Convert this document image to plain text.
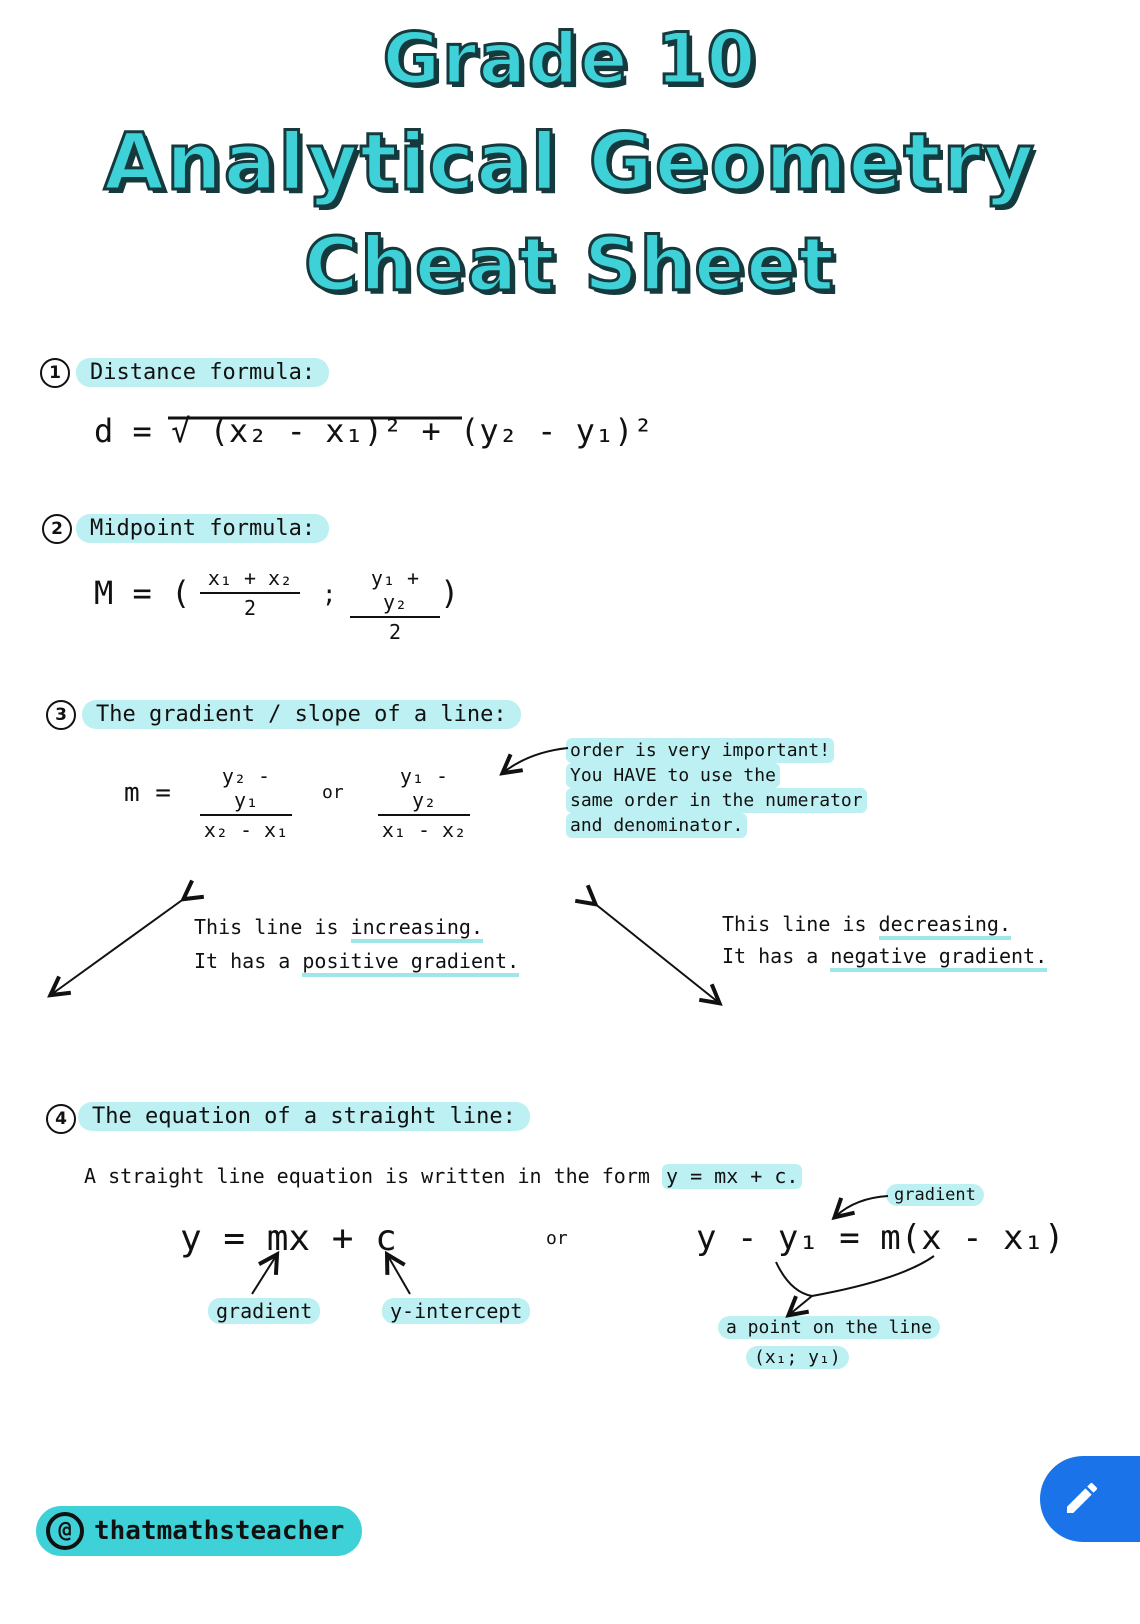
Grade 10
Analytical Geometry
Cheat Sheet
1	Distance formula:
d = √ (x₂ - x₁)² + (y₂ - y₁)²
2	Midpoint formula:
M = ( $\frac{\text{x₁ + x₂}}{2}$ ; $\frac{\text{y₁ + y₂}}{2}$ )
3	The gradient / slope of a line:
$m = \frac{\text{y₂ - y₁}}{\text{x₂ - x₁}}$ or $\frac{\text{y₁ - y₂}}{\text{x₁ - x₂}}$
order is very important!
You HAVE to use the
same order in the numerator
and denominator.
This line is increasing.
It has a positive gradient.
This line is decreasing.
It has a negative gradient.
4	The equation of a straight line:
A straight line equation is written in the form y = mx + c.
y = mx + c	or	y - y₁ = m(x - x₁)
gradient	y-intercept
gradient
a point on the line
(x₁; y₁)
@ thatmathsteacher
